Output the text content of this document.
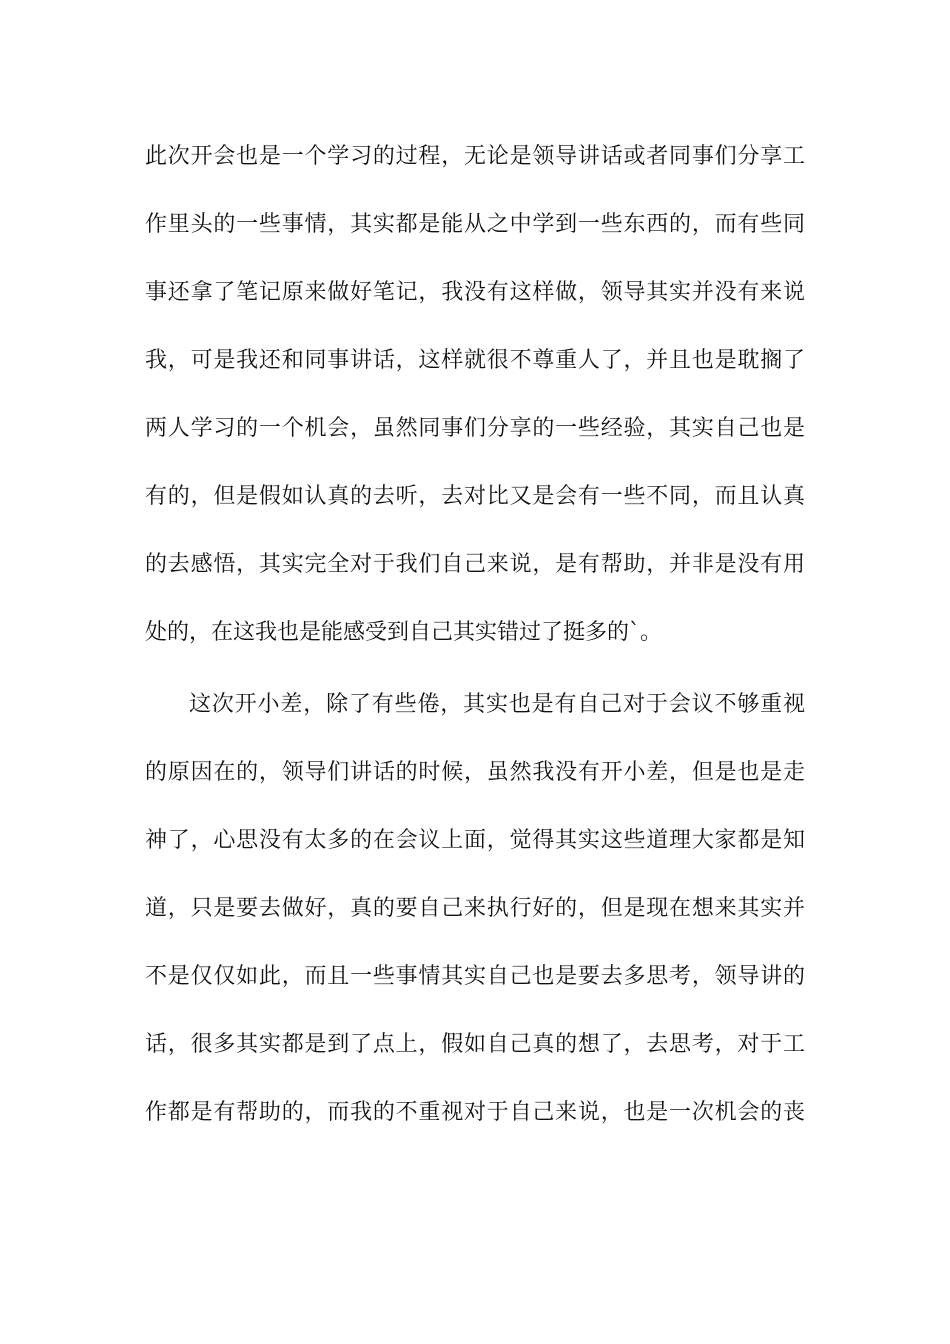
此次开会也是一个学习的过程，无论是领导讲话或者同事们分享工
作里头的一些事情，其实都是能从之中学到一些东西的，而有些同
事还拿了笔记原来做好笔记，我没有这样做，领导其实并没有来说
我，可是我还和同事讲话，这样就很不尊重人了，并且也是耽搁了
两人学习的一个机会，虽然同事们分享的一些经验，其实自己也是
有的，但是假如认真的去听，去对比又是会有一些不同，而且认真
的去感悟，其实完全对于我们自己来说，是有帮助，并非是没有用
处的，在这我也是能感受到自己其实错过了挺多的`。
这次开小差，除了有些倦，其实也是有自己对于会议不够重视
的原因在的，领导们讲话的时候，虽然我没有开小差，但是也是走
神了，心思没有太多的在会议上面，觉得其实这些道理大家都是知
道，只是要去做好，真的要自己来执行好的，但是现在想来其实并
不是仅仅如此，而且一些事情其实自己也是要去多思考，领导讲的
话，很多其实都是到了点上，假如自己真的想了，去思考，对于工
作都是有帮助的，而我的不重视对于自己来说，也是一次机会的丧
